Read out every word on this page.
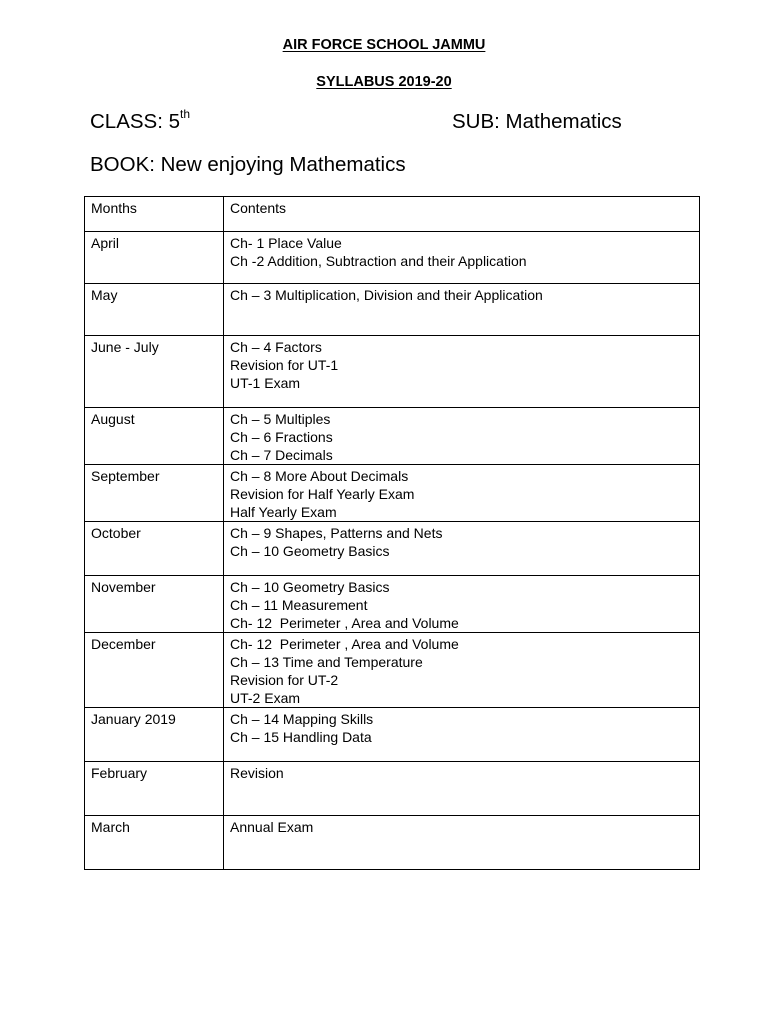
AIR FORCE SCHOOL JAMMU
SYLLABUS 2019-20
CLASS: 5th	SUB: Mathematics
BOOK: New enjoying Mathematics
Months	Contents
April	Ch- 1 Place Value
Ch -2 Addition, Subtraction and their Application

May	Ch – 3 Multiplication, Division and their Application

June - July	Ch – 4 Factors
Revision for UT-1
UT-1 Exam

August	Ch – 5 Multiples
Ch – 6 Fractions
Ch – 7 Decimals

September	Ch – 8 More About Decimals
Revision for Half Yearly Exam
Half Yearly Exam

October	Ch – 9 Shapes, Patterns and Nets
Ch – 10 Geometry Basics

November	Ch – 10 Geometry Basics
Ch – 11 Measurement
Ch- 12  Perimeter , Area and Volume

December	Ch- 12  Perimeter , Area and Volume
Ch – 13 Time and Temperature
Revision for UT-2
UT-2 Exam

January 2019	Ch – 14 Mapping Skills
Ch – 15 Handling Data

February	Revision

March	Annual Exam
